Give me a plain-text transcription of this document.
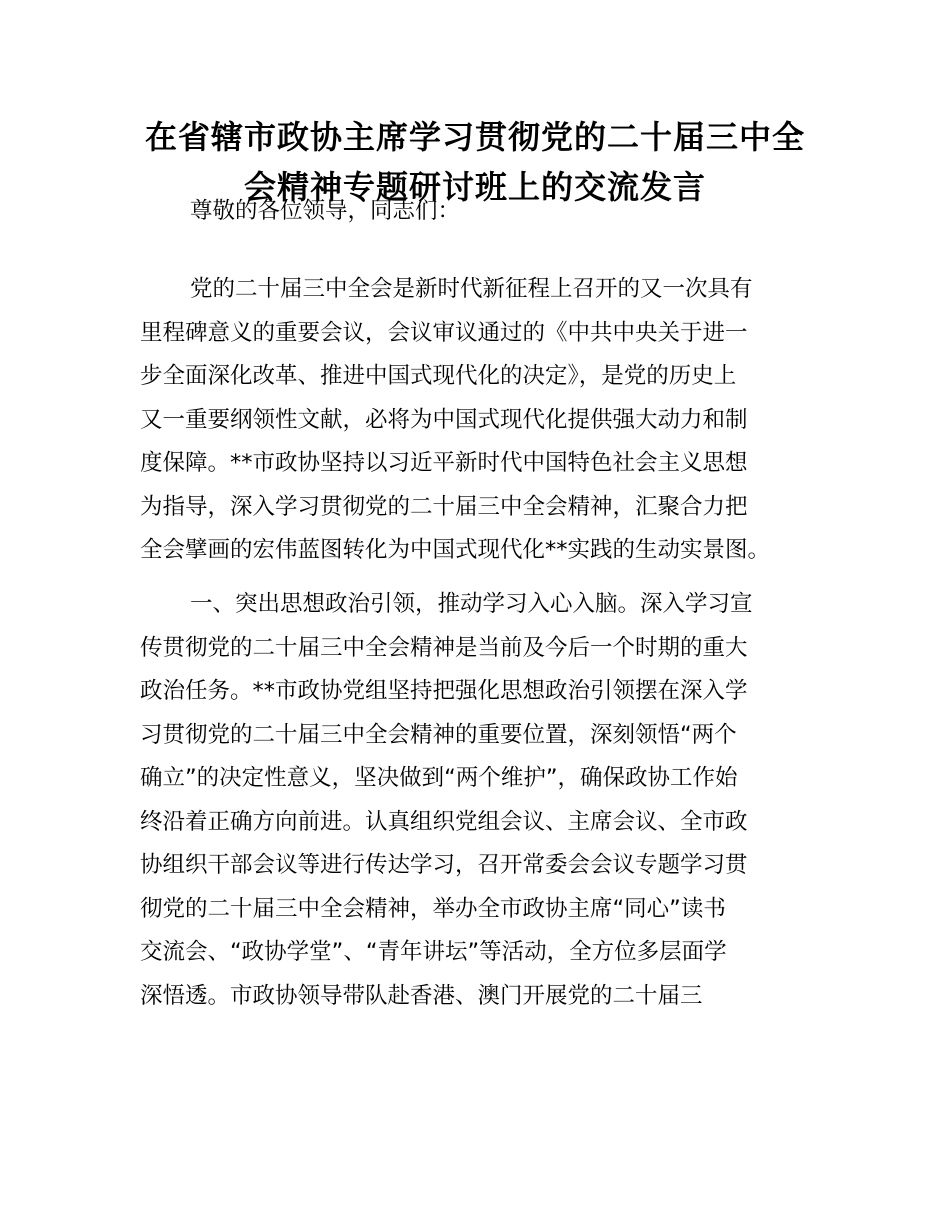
在省辖市政协主席学习贯彻党的二十届三中全
会精神专题研讨班上的交流发言
尊敬的各位领导，同志们：
党的二十届三中全会是新时代新征程上召开的又一次具有
里程碑意义的重要会议，会议审议通过的《中共中央关于进一
步全面深化改革、推进中国式现代化的决定》，是党的历史上
又一重要纲领性文献，必将为中国式现代化提供强大动力和制
度保障。**市政协坚持以习近平新时代中国特色社会主义思想
为指导，深入学习贯彻党的二十届三中全会精神，汇聚合力把
全会擘画的宏伟蓝图转化为中国式现代化**实践的生动实景图。
一、突出思想政治引领，推动学习入心入脑。深入学习宣
传贯彻党的二十届三中全会精神是当前及今后一个时期的重大
政治任务。**市政协党组坚持把强化思想政治引领摆在深入学
习贯彻党的二十届三中全会精神的重要位置，深刻领悟“两个
确立”的决定性意义，坚决做到“两个维护”，确保政协工作始
终沿着正确方向前进。认真组织党组会议、主席会议、全市政
协组织干部会议等进行传达学习，召开常委会会议专题学习贯
彻党的二十届三中全会精神，举办全市政协主席“同心”读书
交流会、“政协学堂”、“青年讲坛”等活动，全方位多层面学
深悟透。市政协领导带队赴香港、澳门开展党的二十届三
